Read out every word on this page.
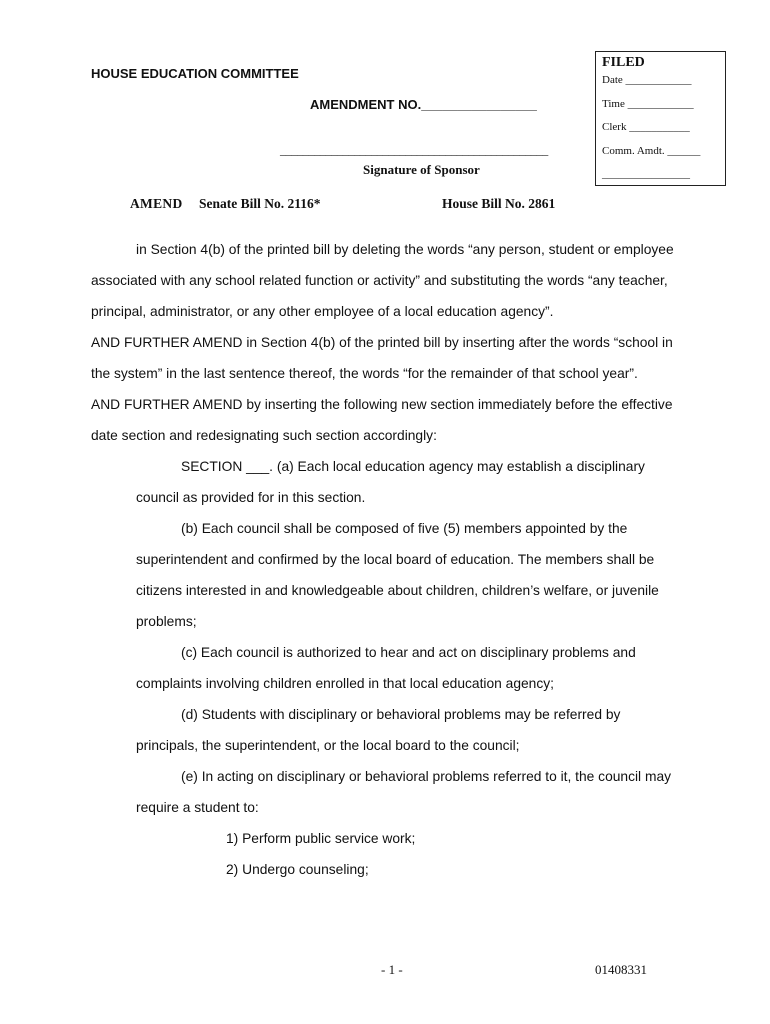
HOUSE EDUCATION COMMITTEE
AMENDMENT NO.________________
FILED
Date ____________
Time ____________
Clerk ___________
Comm. Amdt. ______
________________
_______________________________________________
Signature of Sponsor
AMEND Senate Bill No. 2116*	House Bill No. 2861
in Section 4(b) of the printed bill by deleting the words “any person, student or employee
associated with any school related function or activity” and substituting the words “any teacher,
principal, administrator, or any other employee of a local education agency”.
AND FURTHER AMEND in Section 4(b) of the printed bill by inserting after the words “school in
the system” in the last sentence thereof, the words “for the remainder of that school year”.
AND FURTHER AMEND by inserting the following new section immediately before the effective
date section and redesignating such section accordingly:
SECTION ___. (a) Each local education agency may establish a disciplinary
council as provided for in this section.
(b) Each council shall be composed of five (5) members appointed by the
superintendent and confirmed by the local board of education. The members shall be
citizens interested in and knowledgeable about children, children’s welfare, or juvenile
problems;
(c) Each council is authorized to hear and act on disciplinary problems and
complaints involving children enrolled in that local education agency;
(d) Students with disciplinary or behavioral problems may be referred by
principals, the superintendent, or the local board to the council;
(e) In acting on disciplinary or behavioral problems referred to it, the council may
require a student to:
1) Perform public service work;
2) Undergo counseling;
- 1 -	01408331
